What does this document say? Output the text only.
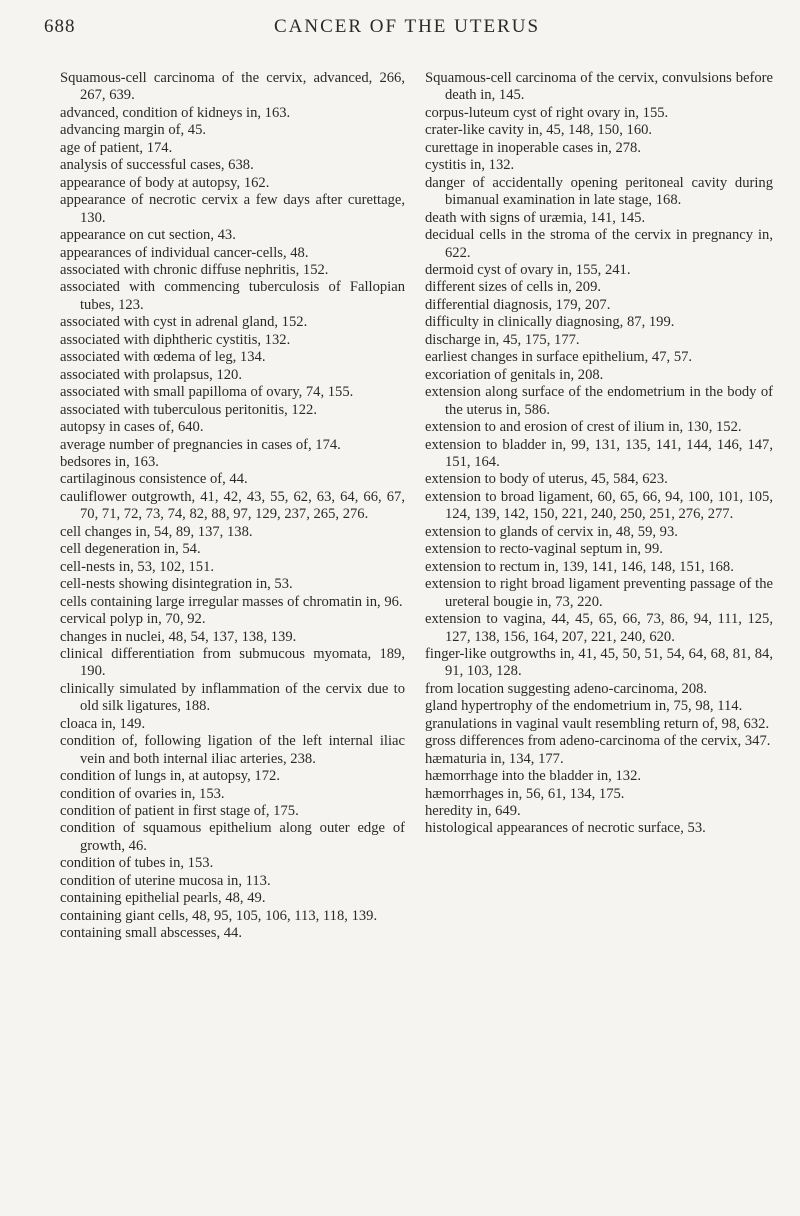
688	CANCER OF THE UTERUS

Squamous-cell carcinoma of the cervix, advanced, 266, 267, 639.

advanced, condition of kidneys in, 163.

advancing margin of, 45.

age of patient, 174.

analysis of successful cases, 638.

appearance of body at autopsy, 162.

appearance of necrotic cervix a few days after curettage, 130.

appearance on cut section, 43.

appearances of individual cancer-cells, 48.

associated with chronic diffuse nephritis, 152.

associated with commencing tuberculosis of Fallopian tubes, 123.

associated with cyst in adrenal gland, 152.

associated with diphtheric cystitis, 132.

associated with œdema of leg, 134.

associated with prolapsus, 120.

associated with small papilloma of ovary, 74, 155.

associated with tuberculous peritonitis, 122.

autopsy in cases of, 640.

average number of pregnancies in cases of, 174.

bedsores in, 163.

cartilaginous consistence of, 44.

cauliflower outgrowth, 41, 42, 43, 55, 62, 63, 64, 66, 67, 70, 71, 72, 73, 74, 82, 88, 97, 129, 237, 265, 276.

cell changes in, 54, 89, 137, 138.

cell degeneration in, 54.

cell-nests in, 53, 102, 151.

cell-nests showing disintegration in, 53.

cells containing large irregular masses of chromatin in, 96.

cervical polyp in, 70, 92.

changes in nuclei, 48, 54, 137, 138, 139.

clinical differentiation from submucous myomata, 189, 190.

clinically simulated by inflammation of the cervix due to old silk ligatures, 188.

cloaca in, 149.

condition of, following ligation of the left internal iliac vein and both internal iliac arteries, 238.

condition of lungs in, at autopsy, 172.

condition of ovaries in, 153.

condition of patient in first stage of, 175.

condition of squamous epithelium along outer edge of growth, 46.

condition of tubes in, 153.

condition of uterine mucosa in, 113.

containing epithelial pearls, 48, 49.

containing giant cells, 48, 95, 105, 106, 113, 118, 139.

containing small abscesses, 44.

Squamous-cell carcinoma of the cervix, convulsions before death in, 145.

corpus-luteum cyst of right ovary in, 155.

crater-like cavity in, 45, 148, 150, 160.

curettage in inoperable cases in, 278.

cystitis in, 132.

danger of accidentally opening peritoneal cavity during bimanual examination in late stage, 168.

death with signs of uræmia, 141, 145.

decidual cells in the stroma of the cervix in pregnancy in, 622.

dermoid cyst of ovary in, 155, 241.

different sizes of cells in, 209.

differential diagnosis, 179, 207.

difficulty in clinically diagnosing, 87, 199.

discharge in, 45, 175, 177.

earliest changes in surface epithelium, 47, 57.

excoriation of genitals in, 208.

extension along surface of the endometrium in the body of the uterus in, 586.

extension to and erosion of crest of ilium in, 130, 152.

extension to bladder in, 99, 131, 135, 141, 144, 146, 147, 151, 164.

extension to body of uterus, 45, 584, 623.

extension to broad ligament, 60, 65, 66, 94, 100, 101, 105, 124, 139, 142, 150, 221, 240, 250, 251, 276, 277.

extension to glands of cervix in, 48, 59, 93.

extension to recto-vaginal septum in, 99.

extension to rectum in, 139, 141, 146, 148, 151, 168.

extension to right broad ligament preventing passage of the ureteral bougie in, 73, 220.

extension to vagina, 44, 45, 65, 66, 73, 86, 94, 111, 125, 127, 138, 156, 164, 207, 221, 240, 620.

finger-like outgrowths in, 41, 45, 50, 51, 54, 64, 68, 81, 84, 91, 103, 128.

from location suggesting adeno-carcinoma, 208.

gland hypertrophy of the endometrium in, 75, 98, 114.

granulations in vaginal vault resembling return of, 98, 632.

gross differences from adeno-carcinoma of the cervix, 347.

hæmaturia in, 134, 177.

hæmorrhage into the bladder in, 132.

hæmorrhages in, 56, 61, 134, 175.

heredity in, 649.

histological appearances of necrotic surface, 53.
